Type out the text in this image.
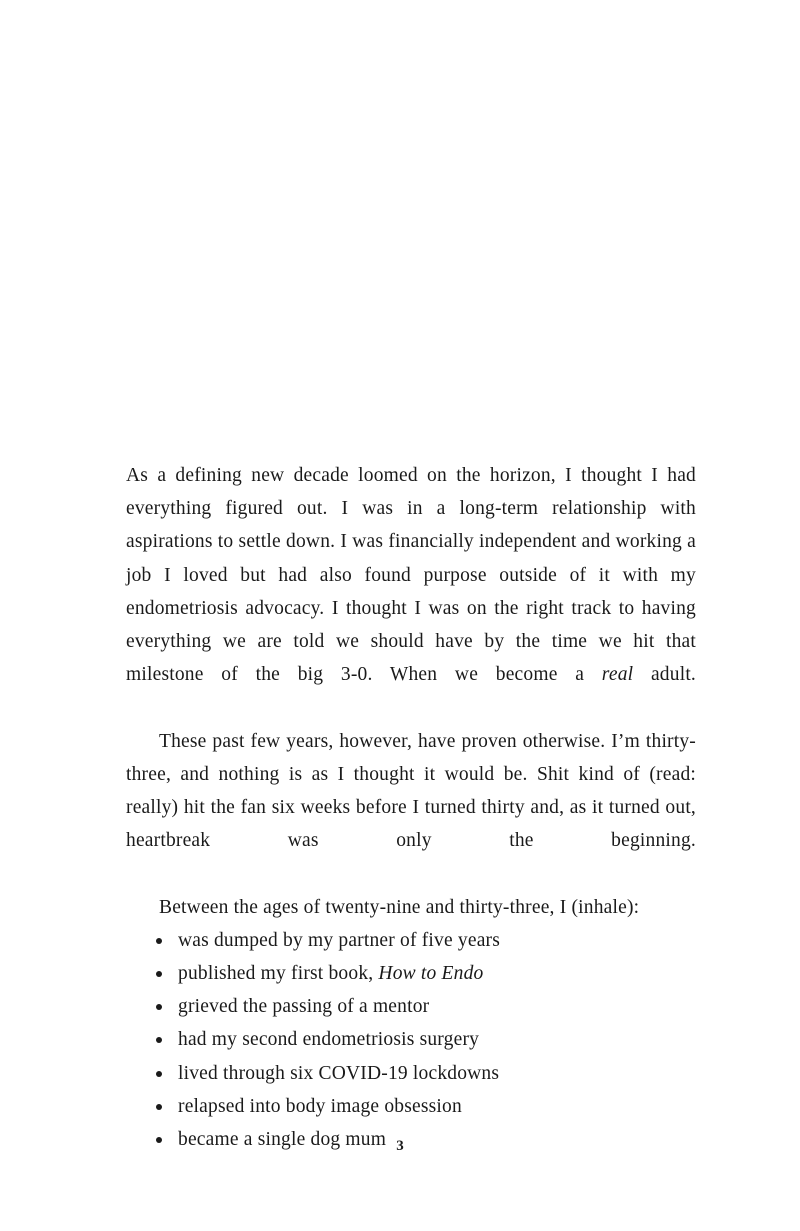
As a defining new decade loomed on the horizon, I thought I had everything figured out. I was in a long-term relationship with aspirations to settle down. I was financially independent and working a job I loved but had also found purpose outside of it with my endometriosis advocacy. I thought I was on the right track to having everything we are told we should have by the time we hit that milestone of the big 3-0. When we become a real adult.

These past few years, however, have proven otherwise. I’m thirty-three, and nothing is as I thought it would be. Shit kind of (read: really) hit the fan six weeks before I turned thirty and, as it turned out, heartbreak was only the beginning.

Between the ages of twenty-nine and thirty-three, I (inhale):

was dumped by my partner of five years
published my first book, How to Endo
grieved the passing of a mentor
had my second endometriosis surgery
lived through six COVID-19 lockdowns
relapsed into body image obsession
became a single dog mum 3
